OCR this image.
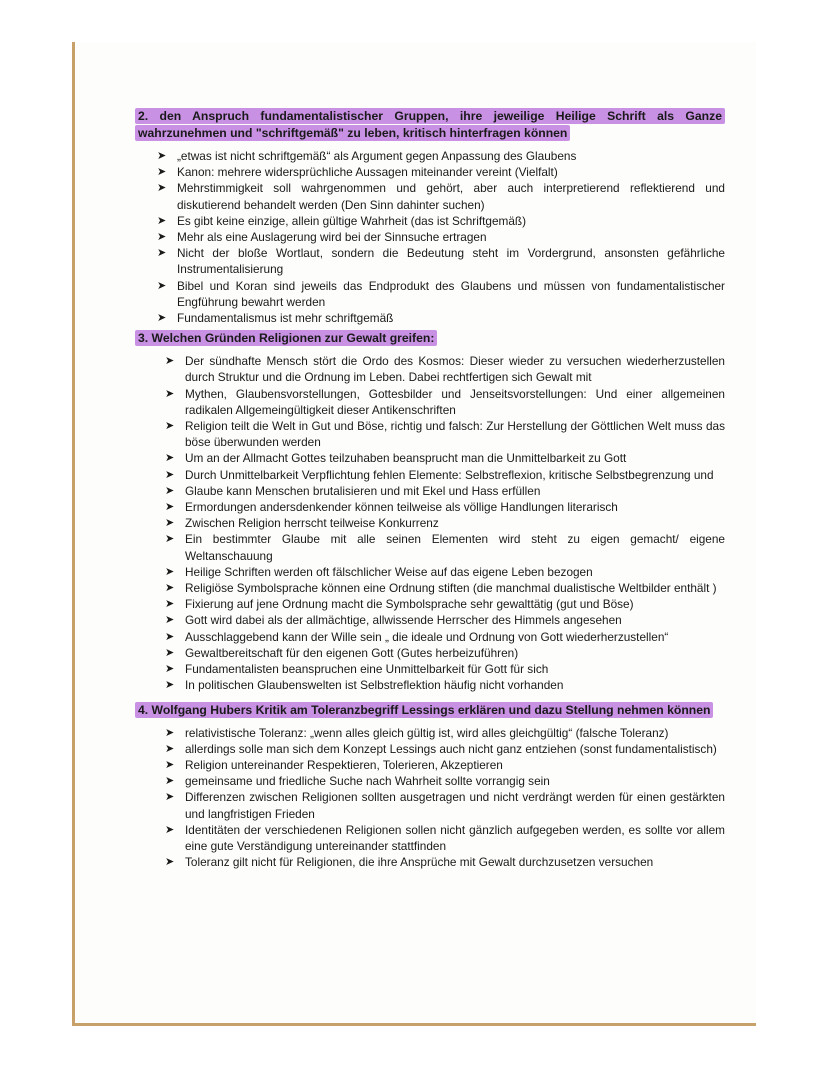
2. den Anspruch fundamentalistischer Gruppen, ihre jeweilige Heilige Schrift als Ganze wahrzunehmen und "schriftgemäß" zu leben, kritisch hinterfragen können

➤ „etwas ist nicht schriftgemäß“ als Argument gegen Anpassung des Glaubens
➤ Kanon: mehrere widersprüchliche Aussagen miteinander vereint (Vielfalt)
➤ Mehrstimmigkeit soll wahrgenommen und gehört, aber auch interpretierend reflektierend und diskutierend behandelt werden (Den Sinn dahinter suchen)
➤ Es gibt keine einzige, allein gültige Wahrheit (das ist Schriftgemäß)
➤ Mehr als eine Auslagerung wird bei der Sinnsuche ertragen
➤ Nicht der bloße Wortlaut, sondern die Bedeutung steht im Vordergrund, ansonsten gefährliche Instrumentalisierung
➤ Bibel und Koran sind jeweils das Endprodukt des Glaubens und müssen von fundamentalistischer Engführung bewahrt werden
➤ Fundamentalismus ist mehr schriftgemäß

3. Welchen Gründen Religionen zur Gewalt greifen:

➤ Der sündhafte Mensch stört die Ordo des Kosmos: Dieser wieder zu versuchen wiederherzustellen durch Struktur und die Ordnung im Leben. Dabei rechtfertigen sich Gewalt mit
➤ Mythen, Glaubensvorstellungen, Gottesbilder und Jenseitsvorstellungen: Und einer allgemeinen radikalen Allgemeingültigkeit dieser Antikenschriften
➤ Religion teilt die Welt in Gut und Böse, richtig und falsch: Zur Herstellung der Göttlichen Welt muss das böse überwunden werden
➤ Um an der Allmacht Gottes teilzuhaben beansprucht man die Unmittelbarkeit zu Gott
➤ Durch Unmittelbarkeit Verpflichtung fehlen Elemente: Selbstreflexion, kritische Selbstbegrenzung und
➤ Glaube kann Menschen brutalisieren und mit Ekel und Hass erfüllen
➤ Ermordungen andersdenkender können teilweise als völlige Handlungen literarisch
➤ Zwischen Religion herrscht teilweise Konkurrenz
➤ Ein bestimmter Glaube mit alle seinen Elementen wird steht zu eigen gemacht/ eigene Weltanschauung
➤ Heilige Schriften werden oft fälschlicher Weise auf das eigene Leben bezogen
➤ Religiöse Symbolsprache können eine Ordnung stiften (die manchmal dualistische Weltbilder enthält )
➤ Fixierung auf jene Ordnung macht die Symbolsprache sehr gewalttätig (gut und Böse)
➤ Gott wird dabei als der allmächtige, allwissende Herrscher des Himmels angesehen
➤ Ausschlaggebend kann der Wille sein „ die ideale und Ordnung von Gott wiederherzustellen“
➤ Gewaltbereitschaft für den eigenen Gott (Gutes herbeizuführen)
➤ Fundamentalisten beanspruchen eine Unmittelbarkeit für Gott für sich
➤ In politischen Glaubenswelten ist Selbstreflektion häufig nicht vorhanden

4. Wolfgang Hubers Kritik am Toleranzbegriff Lessings erklären und dazu Stellung nehmen können

➤ relativistische Toleranz: „wenn alles gleich gültig ist, wird alles gleichgültig“ (falsche Toleranz)
➤ allerdings solle man sich dem Konzept Lessings auch nicht ganz entziehen (sonst fundamentalistisch)
➤ Religion untereinander Respektieren, Tolerieren, Akzeptieren
➤ gemeinsame und friedliche Suche nach Wahrheit sollte vorrangig sein
➤ Differenzen zwischen Religionen sollten ausgetragen und nicht verdrängt werden für einen gestärkten und langfristigen Frieden
➤ Identitäten der verschiedenen Religionen sollen nicht gänzlich aufgegeben werden, es sollte vor allem eine gute Verständigung untereinander stattfinden
➤ Toleranz gilt nicht für Religionen, die ihre Ansprüche mit Gewalt durchzusetzen versuchen
